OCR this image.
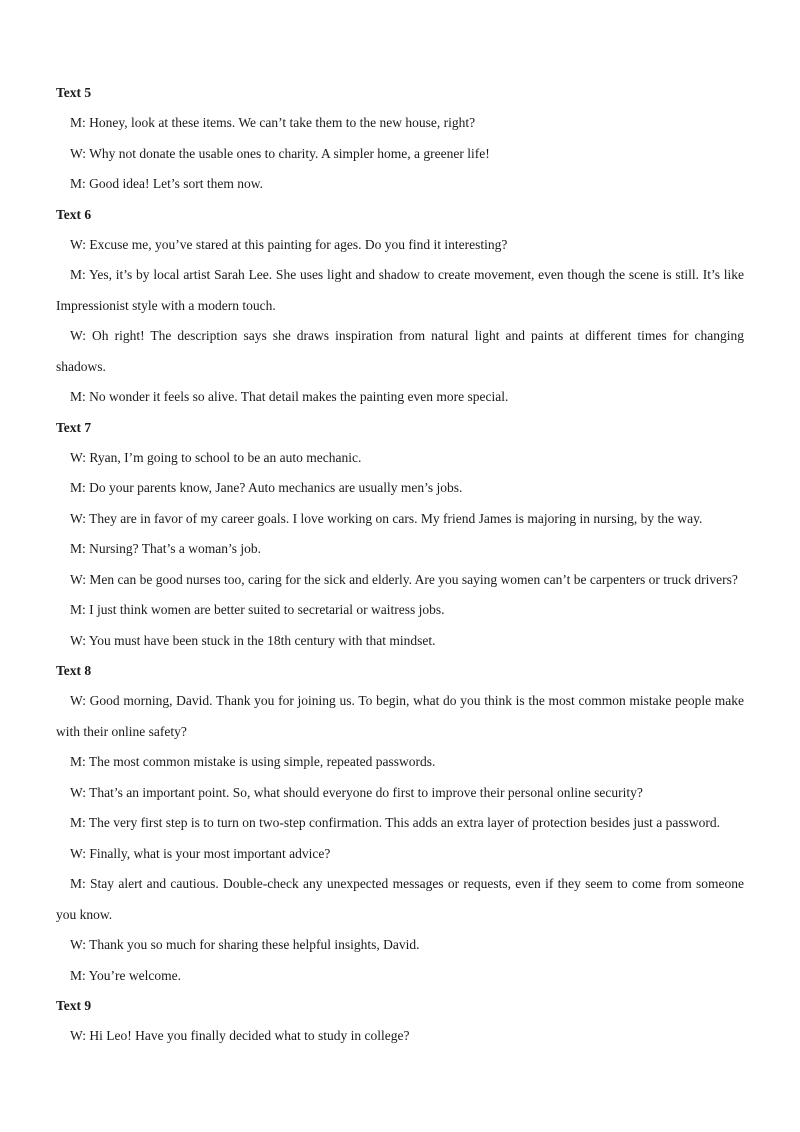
Text 5

M: Honey, look at these items. We can’t take them to the new house, right?

W: Why not donate the usable ones to charity. A simpler home, a greener life!

M: Good idea! Let’s sort them now.

Text 6

W: Excuse me, you’ve stared at this painting for ages. Do you find it interesting?

M: Yes, it’s by local artist Sarah Lee. She uses light and shadow to create movement, even though the scene is still. It’s like Impressionist style with a modern touch.

W: Oh right! The description says she draws inspiration from natural light and paints at different times for changing shadows.

M: No wonder it feels so alive. That detail makes the painting even more special.

Text 7

W: Ryan, I’m going to school to be an auto mechanic.

M: Do your parents know, Jane? Auto mechanics are usually men’s jobs.

W: They are in favor of my career goals. I love working on cars. My friend James is majoring in nursing, by the way.

M: Nursing? That’s a woman’s job.

W: Men can be good nurses too, caring for the sick and elderly. Are you saying women can’t be carpenters or truck drivers?

M: I just think women are better suited to secretarial or waitress jobs.

W: You must have been stuck in the 18th century with that mindset.

Text 8

W: Good morning, David. Thank you for joining us. To begin, what do you think is the most common mistake people make with their online safety?

M: The most common mistake is using simple, repeated passwords.

W: That’s an important point. So, what should everyone do first to improve their personal online security?

M: The very first step is to turn on two-step confirmation. This adds an extra layer of protection besides just a password.

W: Finally, what is your most important advice?

M: Stay alert and cautious. Double-check any unexpected messages or requests, even if they seem to come from someone you know.

W: Thank you so much for sharing these helpful insights, David.

M: You’re welcome.

Text 9

W: Hi Leo! Have you finally decided what to study in college?
